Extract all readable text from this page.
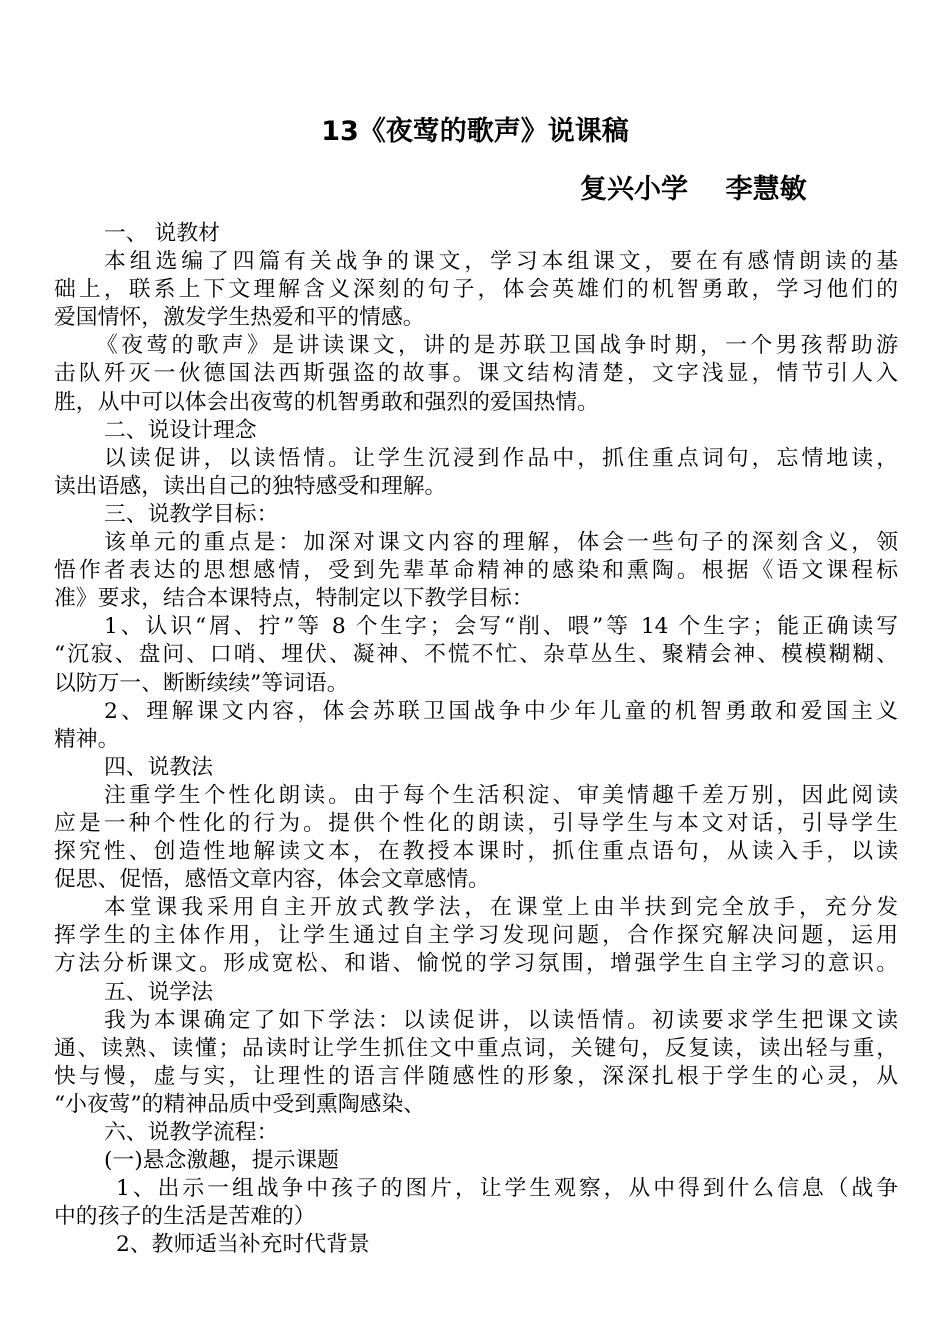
13《夜莺的歌声》说课稿
复兴小学    李慧敏
一、 说教材
本组选编了四篇有关战争的课文，学习本组课文，要在有感情朗读的基
础上，联系上下文理解含义深刻的句子，体会英雄们的机智勇敢，学习他们的
爱国情怀，激发学生热爱和平的情感。
《夜莺的歌声》是讲读课文，讲的是苏联卫国战争时期，一个男孩帮助游
击队歼灭一伙德国法西斯强盗的故事。课文结构清楚，文字浅显，情节引人入
胜，从中可以体会出夜莺的机智勇敢和强烈的爱国热情。
二、说设计理念
以读促讲，以读悟情。让学生沉浸到作品中，抓住重点词句，忘情地读，
读出语感，读出自己的独特感受和理解。
三、说教学目标：
该单元的重点是：加深对课文内容的理解，体会一些句子的深刻含义，领
悟作者表达的思想感情，受到先辈革命精神的感染和熏陶。根据《语文课程标
准》要求，结合本课特点，特制定以下教学目标：
1、认识“屑、拧”等 8 个生字；会写“削、喂”等 14 个生字；能正确读写
“沉寂、盘问、口哨、埋伏、凝神、不慌不忙、杂草丛生、聚精会神、模模糊糊、
以防万一、断断续续”等词语。
2、理解课文内容，体会苏联卫国战争中少年儿童的机智勇敢和爱国主义
精神。
四、说教法
注重学生个性化朗读。由于每个生活积淀、审美情趣千差万别，因此阅读
应是一种个性化的行为。提供个性化的朗读，引导学生与本文对话，引导学生
探究性、创造性地解读文本，在教授本课时，抓住重点语句，从读入手，以读
促思、促悟，感悟文章内容，体会文章感情。
本堂课我采用自主开放式教学法，在课堂上由半扶到完全放手，充分发
挥学生的主体作用，让学生通过自主学习发现问题，合作探究解决问题，运用
方法分析课文。形成宽松、和谐、愉悦的学习氛围，增强学生自主学习的意识。
五、说学法
我为本课确定了如下学法：以读促讲，以读悟情。初读要求学生把课文读
通、读熟、读懂；品读时让学生抓住文中重点词，关键句，反复读，读出轻与重，
快与慢，虚与实，让理性的语言伴随感性的形象，深深扎根于学生的心灵，从
“小夜莺”的精神品质中受到熏陶感染、
六、说教学流程：
(一)悬念激趣，提示课题
1、出示一组战争中孩子的图片，让学生观察，从中得到什么信息（战争
中的孩子的生活是苦难的）
2、教师适当补充时代背景
